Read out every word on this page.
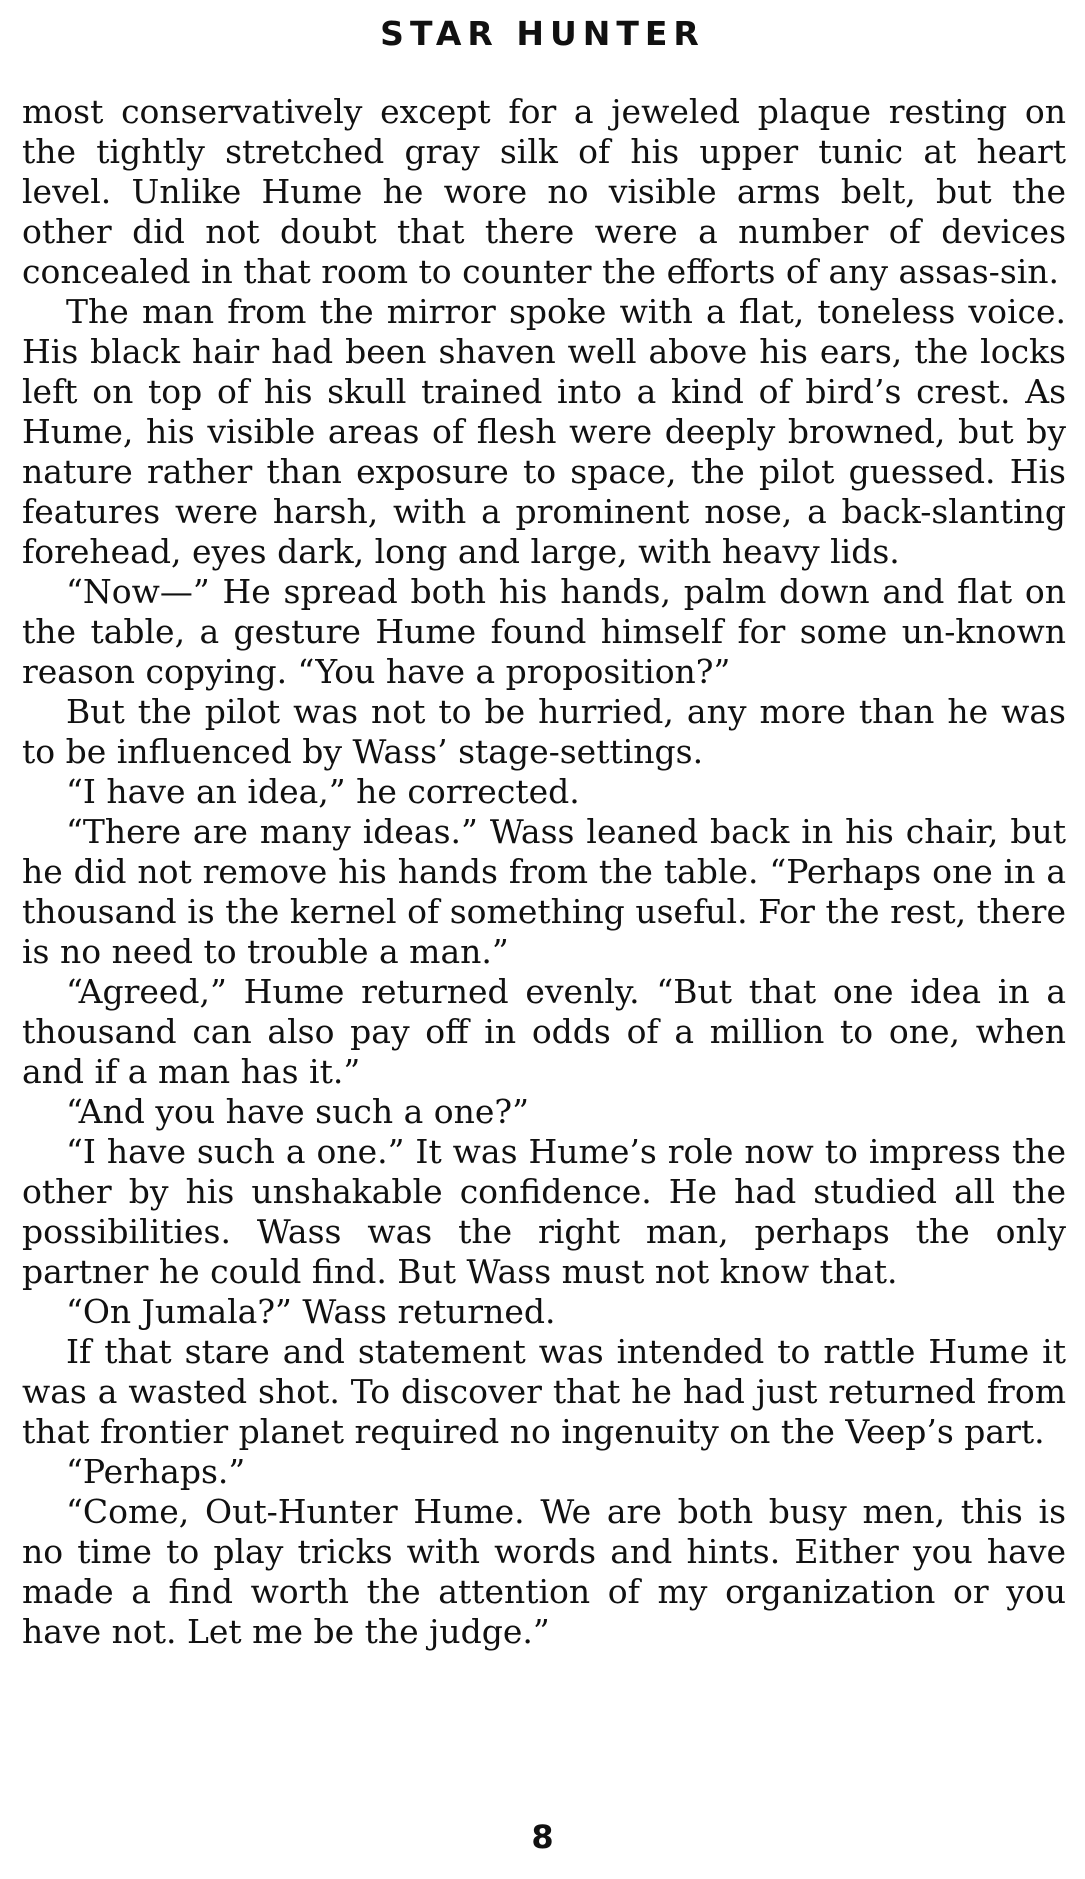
STAR HUNTER

most conservatively except for a jeweled plaque resting on the tightly stretched gray silk of his upper tunic at heart level. Unlike Hume he wore no visible arms belt, but the other did not doubt that there were a number of devices concealed in that room to counter the efforts of any assas-sin.

The man from the mirror spoke with a flat, toneless voice. His black hair had been shaven well above his ears, the locks left on top of his skull trained into a kind of bird’s crest. As Hume, his visible areas of flesh were deeply browned, but by nature rather than exposure to space, the pilot guessed. His features were harsh, with a prominent nose, a back-slanting forehead, eyes dark, long and large, with heavy lids.

“Now—” He spread both his hands, palm down and flat on the table, a gesture Hume found himself for some un-known reason copying. “You have a proposition?”

But the pilot was not to be hurried, any more than he was to be influenced by Wass’ stage-settings.

“I have an idea,” he corrected.

“There are many ideas.” Wass leaned back in his chair, but he did not remove his hands from the table. “Perhaps one in a thousand is the kernel of something useful. For the rest, there is no need to trouble a man.”

“Agreed,” Hume returned evenly. “But that one idea in a thousand can also pay off in odds of a million to one, when and if a man has it.”

“And you have such a one?”

“I have such a one.” It was Hume’s role now to impress the other by his unshakable confidence. He had studied all the possibilities. Wass was the right man, perhaps the only partner he could find. But Wass must not know that.

“On Jumala?” Wass returned.

If that stare and statement was intended to rattle Hume it was a wasted shot. To discover that he had just returned from that frontier planet required no ingenuity on the Veep’s part.

“Perhaps.”

“Come, Out-Hunter Hume. We are both busy men, this is no time to play tricks with words and hints. Either you have made a find worth the attention of my organization or you have not. Let me be the judge.”

8
